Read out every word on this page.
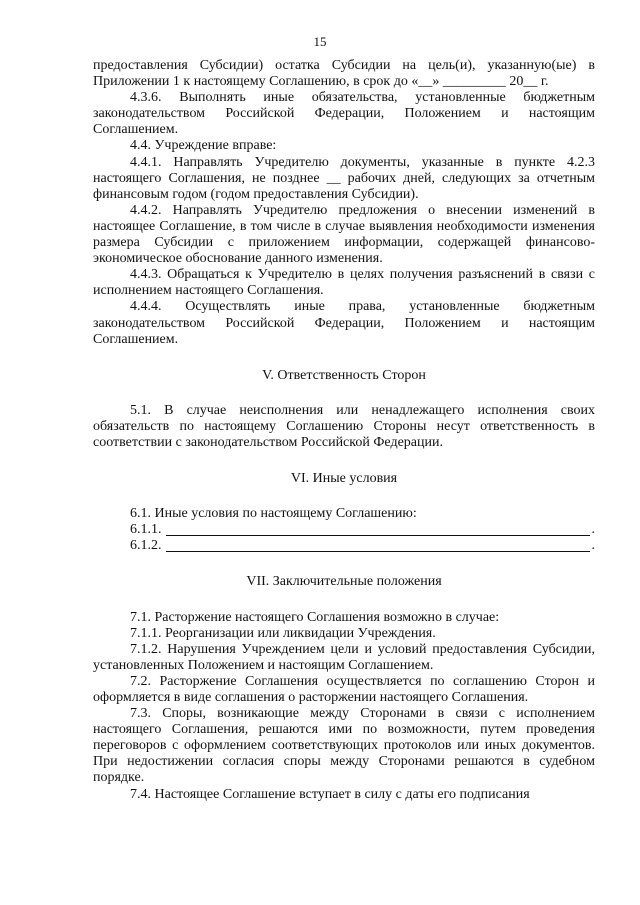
15

предоставления Субсидии) остатка Субсидии на цель(и), указанную(ые) в Приложении 1 к настоящему Соглашению, в срок до «__» _________ 20__ г.

4.3.6. Выполнять иные обязательства, установленные бюджетным законодательством Российской Федерации, Положением и настоящим Соглашением.

4.4. Учреждение вправе:

4.4.1. Направлять Учредителю документы, указанные в пункте 4.2.3 настоящего Соглашения, не позднее __ рабочих дней, следующих за отчетным финансовым годом (годом предоставления Субсидии).

4.4.2. Направлять Учредителю предложения о внесении изменений в настоящее Соглашение, в том числе в случае выявления необходимости изменения размера Субсидии с приложением информации, содержащей финансово-экономическое обоснование данного изменения.

4.4.3. Обращаться к Учредителю в целях получения разъяснений в связи с исполнением настоящего Соглашения.

4.4.4. Осуществлять иные права, установленные бюджетным законодательством Российской Федерации, Положением и настоящим Соглашением.

V. Ответственность Сторон

5.1. В случае неисполнения или ненадлежащего исполнения своих обязательств по настоящему Соглашению Стороны несут ответственность в соответствии с законодательством Российской Федерации.

VI. Иные условия

6.1. Иные условия по настоящему Соглашению:

6.1.1.	.
6.1.2.	.

VII. Заключительные положения

7.1. Расторжение настоящего Соглашения возможно в случае:

7.1.1. Реорганизации или ликвидации Учреждения.

7.1.2. Нарушения Учреждением цели и условий предоставления Субсидии, установленных Положением и настоящим Соглашением.

7.2. Расторжение Соглашения осуществляется по соглашению Сторон и оформляется в виде соглашения о расторжении настоящего Соглашения.

7.3. Споры, возникающие между Сторонами в связи с исполнением настоящего Соглашения, решаются ими по возможности, путем проведения переговоров с оформлением соответствующих протоколов или иных документов. При недостижении согласия споры между Сторонами решаются в судебном порядке.

7.4. Настоящее Соглашение вступает в силу с даты его подписания
